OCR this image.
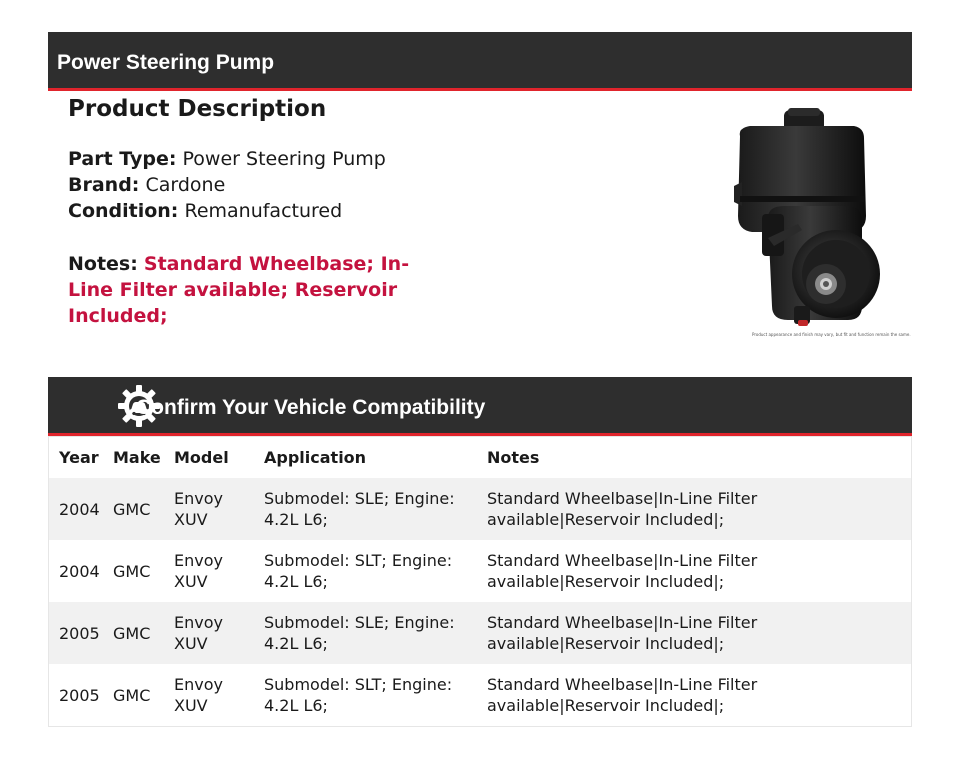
Power Steering Pump
Product Description
Part Type: Power Steering Pump
Brand: Cardone
Condition: Remanufactured
Notes: Standard Wheelbase; In-Line Filter available; Reservoir Included;
Product appearance and finish may vary, but fit and function remain the same.
Confirm Your Vehicle Compatibility
Year	Make	Model	Application	Notes
2004	GMC	Envoy XUV	Submodel: SLE; Engine: 4.2L L6;	Standard Wheelbase|In-Line Filter available|Reservoir Included|;
2004	GMC	Envoy XUV	Submodel: SLT; Engine: 4.2L L6;	Standard Wheelbase|In-Line Filter available|Reservoir Included|;
2005	GMC	Envoy XUV	Submodel: SLE; Engine: 4.2L L6;	Standard Wheelbase|In-Line Filter available|Reservoir Included|;
2005	GMC	Envoy XUV	Submodel: SLT; Engine: 4.2L L6;	Standard Wheelbase|In-Line Filter available|Reservoir Included|;
